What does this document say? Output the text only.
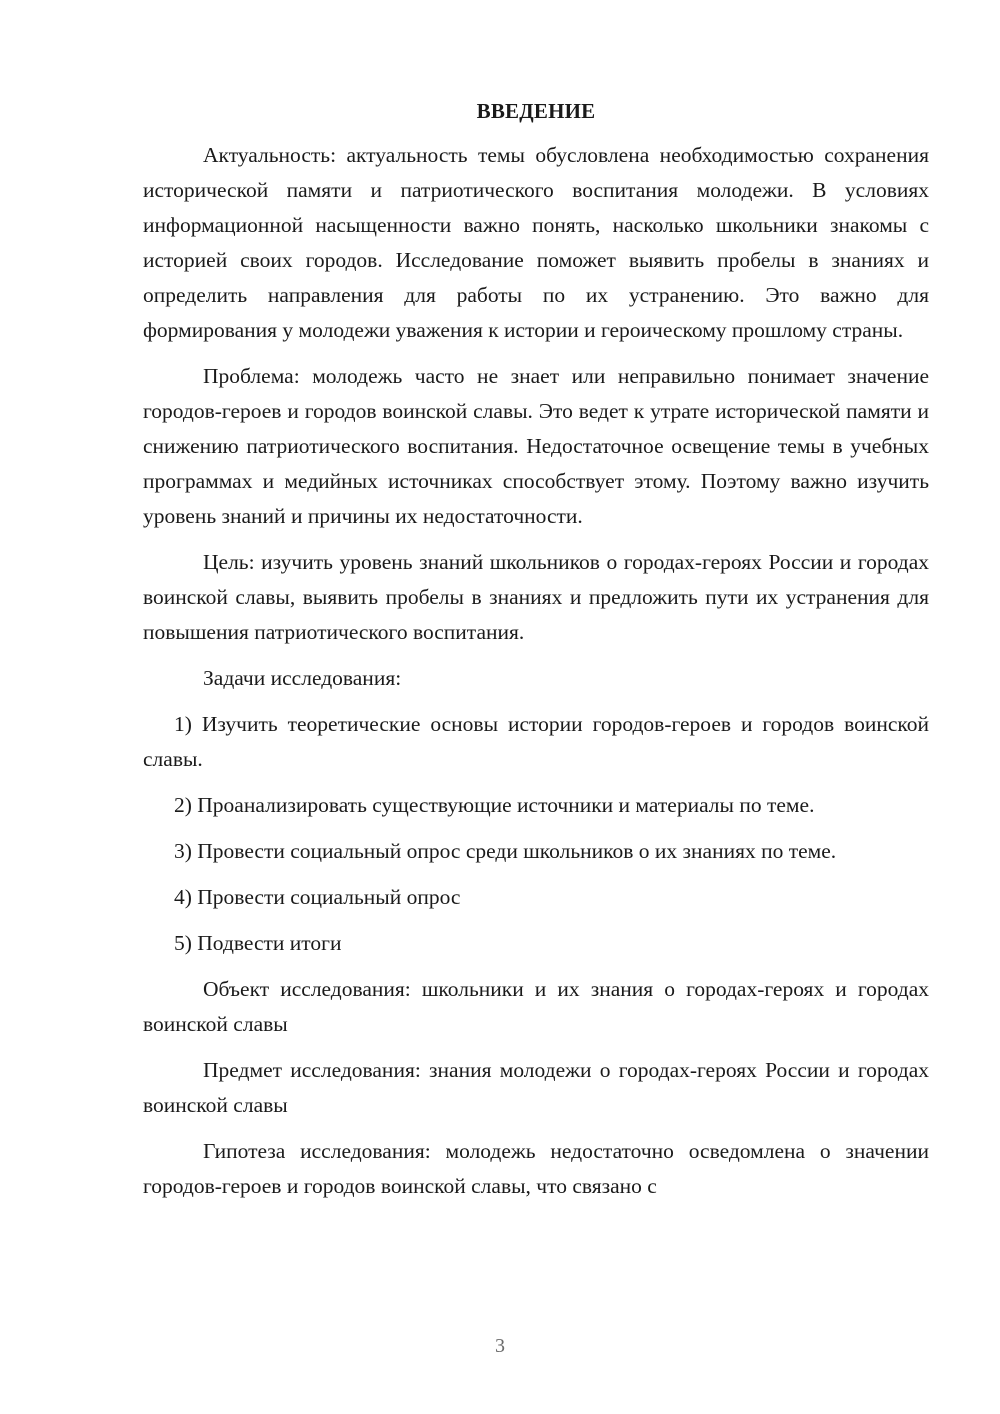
ВВЕДЕНИЕ

Актуальность: актуальность темы обусловлена необходимостью сохранения исторической памяти и патриотического воспитания молодежи. В условиях информационной насыщенности важно понять, насколько школьники знакомы с историей своих городов. Исследование поможет выявить пробелы в знаниях и определить направления для работы по их устранению. Это важно для формирования у молодежи уважения к истории и героическому прошлому страны.

Проблема: молодежь часто не знает или неправильно понимает значение городов-героев и городов воинской славы. Это ведет к утрате исторической памяти и снижению патриотического воспитания. Недостаточное освещение темы в учебных программах и медийных источниках способствует этому. Поэтому важно изучить уровень знаний и причины их недостаточности.

Цель: изучить уровень знаний школьников о городах-героях России и городах воинской славы, выявить пробелы в знаниях и предложить пути их устранения для повышения патриотического воспитания.

Задачи исследования:

1) Изучить теоретические основы истории городов-героев и городов воинской славы.

2) Проанализировать существующие источники и материалы по теме.

3) Провести социальный опрос среди школьников о их знаниях по теме.

4) Провести социальный опрос

5) Подвести итоги

Объект исследования: школьники и их знания о городах-героях и городах воинской славы

Предмет исследования: знания молодежи о городах-героях России и городах воинской славы

Гипотеза исследования: молодежь недостаточно осведомлена о значении городов-героев и городов воинской славы, что связано с

3
